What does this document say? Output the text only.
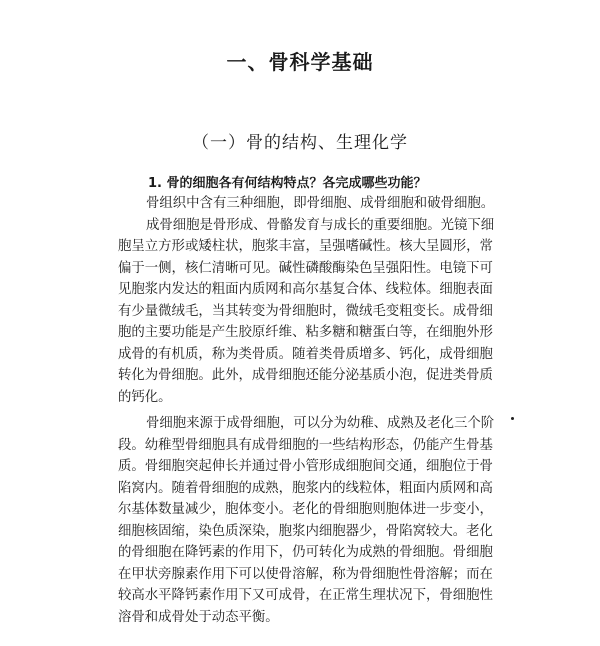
一、骨科学基础
（一）骨的结构、生理化学

1. 骨的细胞各有何结构特点？各完成哪些功能？

骨组织中含有三种细胞，即骨细胞、成骨细胞和破骨细胞。
成骨细胞是骨形成、骨骼发育与成长的重要细胞。光镜下细
胞呈立方形或矮柱状，胞浆丰富，呈强嗜碱性。核大呈圆形，常
偏于一侧，核仁清晰可见。碱性磷酸酶染色呈强阳性。电镜下可
见胞浆内发达的粗面内质网和高尔基复合体、线粒体。细胞表面
有少量微绒毛，当其转变为骨细胞时，微绒毛变粗变长。成骨细
胞的主要功能是产生胶原纤维、粘多糖和糖蛋白等，在细胞外形
成骨的有机质，称为类骨质。随着类骨质增多、钙化，成骨细胞
转化为骨细胞。此外，成骨细胞还能分泌基质小泡，促进类骨质
的钙化。
骨细胞来源于成骨细胞，可以分为幼稚、成熟及老化三个阶
段。幼稚型骨细胞具有成骨细胞的一些结构形态，仍能产生骨基
质。骨细胞突起伸长并通过骨小管形成细胞间交通，细胞位于骨
陷窝内。随着骨细胞的成熟，胞浆内的线粒体，粗面内质网和高
尔基体数量减少，胞体变小。老化的骨细胞则胞体进一步变小，
细胞核固缩，染色质深染，胞浆内细胞器少，骨陷窝较大。老化
的骨细胞在降钙素的作用下，仍可转化为成熟的骨细胞。骨细胞
在甲状旁腺素作用下可以使骨溶解，称为骨细胞性骨溶解；而在
较高水平降钙素作用下又可成骨，在正常生理状况下，骨细胞性
溶骨和成骨处于动态平衡。
